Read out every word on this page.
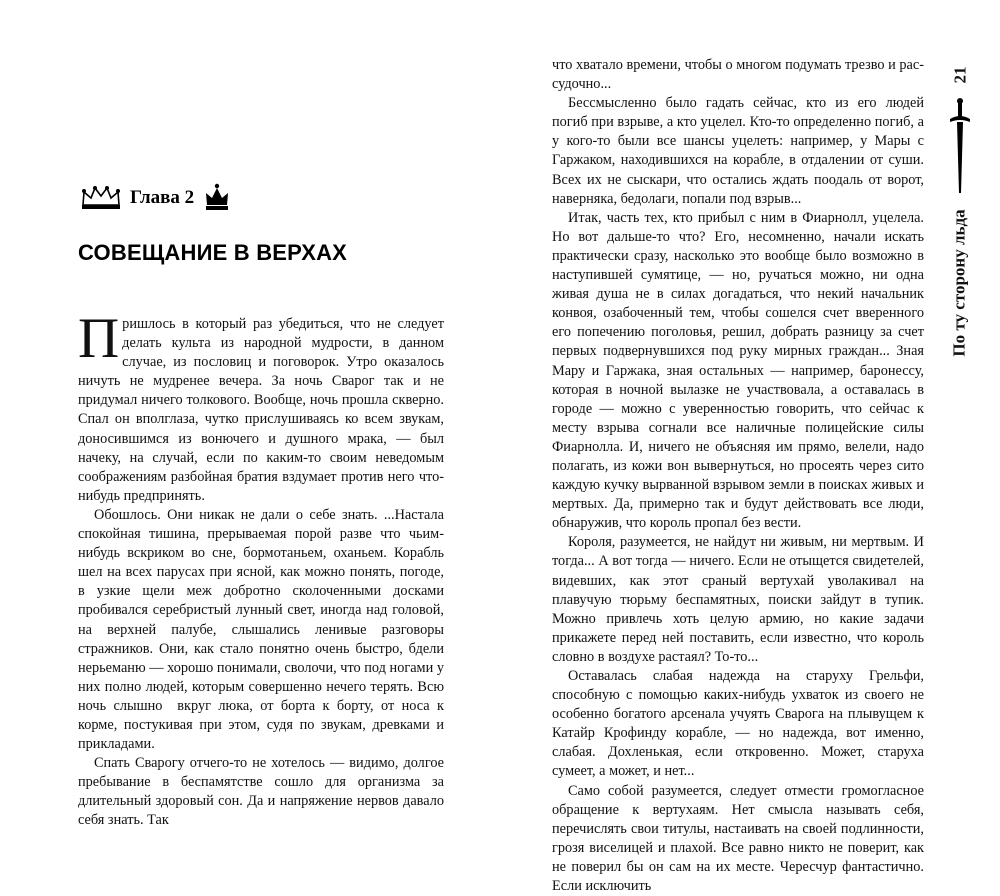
Глава 2
СОВЕЩАНИЕ В ВЕРХАХ

Пришлось в который раз убедиться, что не следует делать культа из народной мудрости, в данном случае, из пословиц и поговорок. Утро оказалось ничуть не мудренее вечера. За ночь Сварог так и не придумал ничего толкового. Вообще, ночь прошла скверно. Спал он вполглаза, чутко прислушиваясь ко всем звукам, доносившимся из вонючего и душного мрака, — был начеку, на случай, если по каким-то своим неведомым соображениям разбойная братия вздумает против него что-нибудь предпринять.

Обошлось. Они никак не дали о себе знать. ...Настала спокойная тишина, прерываемая порой разве что чьим-нибудь вскриком во сне, бормотаньем, оханьем. Корабль шел на всех парусах при ясной, как можно понять, погоде, в узкие щели меж добротно сколоченными досками пробивался серебристый лунный свет, иногда над головой, на верхней палубе, слышались ленивые разговоры стражников. Они, как стало понятно очень быстро, бдели нерьеманю — хорошо понимали, сволочи, что под ногами у них полно людей, которым совершенно нечего терять. Всю ночь слышно вкруг люка, от борта к борту, от носа к корме, постукивая при этом, судя по звукам, древками и прикладами.

Спать Сварогу отчего-то не хотелось — видимо, долгое пребывание в беспамятстве сошло для организма за длительный здоровый сон. Да и напряжение нервов давало себя знать. Так

что хватало времени, чтобы о многом подумать трезво и рассудочно...

Бессмысленно было гадать сейчас, кто из его людей погиб при взрыве, а кто уцелел. Кто-то определенно погиб, а у кого-то были все шансы уцелеть: например, у Мары с Гаржаком, находившихся на корабле, в отдалении от суши. Всех их не сыскари, что остались ждать поодаль от ворот, наверняка, бедолаги, попали под взрыв...

Итак, часть тех, кто прибыл с ним в Фиарнолл, уцелела. Но вот дальше-то что? Его, несомненно, начали искать практически сразу, насколько это вообще было возможно в наступившей сумятице, — но, ручаться можно, ни одна живая душа не в силах догадаться, что некий начальник конвоя, озабоченный тем, чтобы сошелся счет вверенного его попечению поголовья, решил, добрать разницу за счет первых подвернувшихся под руку мирных граждан... Зная Мару и Гаржака, зная остальных — например, баронессу, которая в ночной вылазке не участвовала, а оставалась в городе — можно с уверенностью говорить, что сейчас к месту взрыва согнали все наличные полицейские силы Фиарнолла. И, ничего не объясняя им прямо, велели, надо полагать, из кожи вон вывернуться, но просеять через сито каждую кучку вырванной взрывом земли в поисках живых и мертвых. Да, примерно так и будут действовать все люди, обнаружив, что король пропал без вести.

Короля, разумеется, не найдут ни живым, ни мертвым. И тогда... А вот тогда — ничего. Если не отыщется свидетелей, видевших, как этот сраный вертухай уволакивал на плавучую тюрьму беспамятных, поиски зайдут в тупик. Можно привлечь хоть целую армию, но какие задачи прикажете перед ней поставить, если известно, что король словно в воздухе растаял? То-то...

Оставалась слабая надежда на старуху Грельфи, способную с помощью каких-нибудь ухваток из своего не особенно богатого арсенала учуять Сварога на плывущем к Катайр Крофинду корабле, — но надежда, вот именно, слабая. Дохленькая, если откровенно. Может, старуха сумеет, а может, и нет...

Само собой разумеется, следует отмести громогласное обращение к вертухаям. Нет смысла называть себя, перечислять свои титулы, настаивать на своей подлинности, грозя виселицей и плахой. Все равно никто не поверит, как не поверил бы он сам на их месте. Чересчур фантастично. Если исключить

21
По ту сторону льда
